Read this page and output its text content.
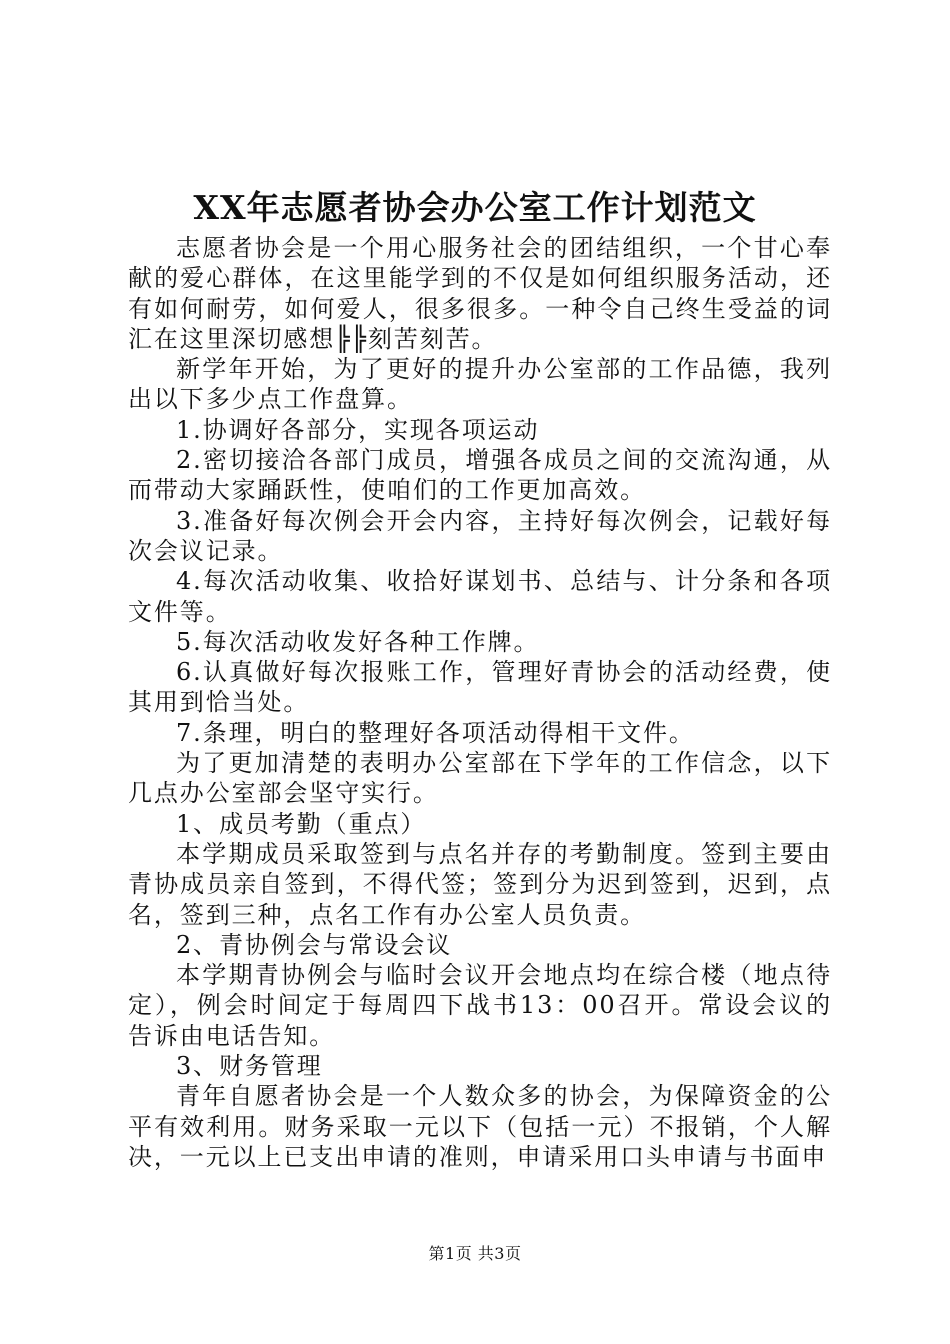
XX年志愿者协会办公室工作计划范文

志愿者协会是一个用心服务社会的团结组织，一个甘心奉献的爱心群体，在这里能学到的不仅是如何组织服务活动，还有如何耐劳，如何爱人，很多很多。一种令自己终生受益的词汇在这里深切感想╠╠刻苦刻苦。

新学年开始，为了更好的提升办公室部的工作品德，我列出以下多少点工作盘算。

1.协调好各部分，实现各项运动

2.密切接洽各部门成员，增强各成员之间的交流沟通，从而带动大家踊跃性，使咱们的工作更加高效。

3.准备好每次例会开会内容，主持好每次例会，记载好每次会议记录。

4.每次活动收集、收拾好谋划书、总结与、计分条和各项文件等。

5.每次活动收发好各种工作牌。

6.认真做好每次报账工作，管理好青协会的活动经费，使其用到恰当处。

7.条理，明白的整理好各项活动得相干文件。

为了更加清楚的表明办公室部在下学年的工作信念，以下几点办公室部会坚守实行。

1、成员考勤（重点）

本学期成员采取签到与点名并存的考勤制度。签到主要由青协成员亲自签到，不得代签；签到分为迟到签到，迟到，点名，签到三种，点名工作有办公室人员负责。

2、青协例会与常设会议

本学期青协例会与临时会议开会地点均在综合楼（地点待定），例会时间定于每周四下战书13：00召开。常设会议的告诉由电话告知。

3、财务管理

青年自愿者协会是一个人数众多的协会，为保障资金的公平有效利用。财务采取一元以下（包括一元）不报销，个人解决，一元以上已支出申请的准则，申请采用口头申请与书面申

第1页 共3页
